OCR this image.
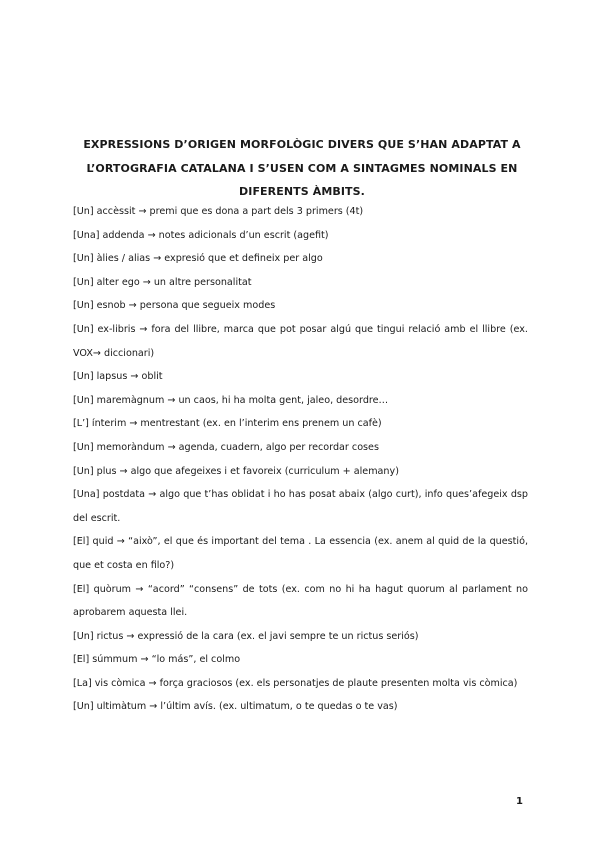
EXPRESSIONS D’ORIGEN MORFOLÒGIC DIVERS QUE S’HAN ADAPTAT A L’ORTOGRAFIA CATALANA I S’USEN COM A SINTAGMES NOMINALS EN DIFERENTS ÀMBITS.
[Un] accèssit → premi que es dona a part dels 3 primers (4t)
[Una] addenda → notes adicionals d’un escrit (agefit)
[Un] àlies / alias → expresió que et defineix per algo
[Un] alter ego → un altre personalitat
[Un] esnob → persona que segueix modes
[Un] ex-libris → fora del llibre, marca que pot posar algú que tingui relació amb el llibre (ex. VOX→ diccionari)
[Un] lapsus → oblit
[Un] maremàgnum → un caos, hi ha molta gent, jaleo, desordre…
[L’] ínterim → mentrestant (ex. en l’interim ens prenem un cafè)
[Un] memoràndum → agenda, cuadern, algo per recordar coses
[Un] plus → algo que afegeixes i et favoreix (curriculum + alemany)
[Una] postdata → algo que t’has oblidat i ho has posat abaix (algo curt), info ques’afegeix dsp del escrit.
[El] quid → “això”, el que és important del tema . La essencia (ex. anem al quid de la questió, que et costa en filo?)
[El] quòrum → “acord” “consens” de tots (ex. com no hi ha hagut quorum al parlament no aprobarem aquesta llei.
[Un] rictus → expressió de la cara (ex. el javi sempre te un rictus seriós)
[El] súmmum → “lo más”, el colmo
[La] vis còmica → força graciosos (ex. els personatjes de plaute presenten molta vis còmica)
[Un] ultimàtum → l’últim avís. (ex. ultimatum, o te quedas o te vas)
1
